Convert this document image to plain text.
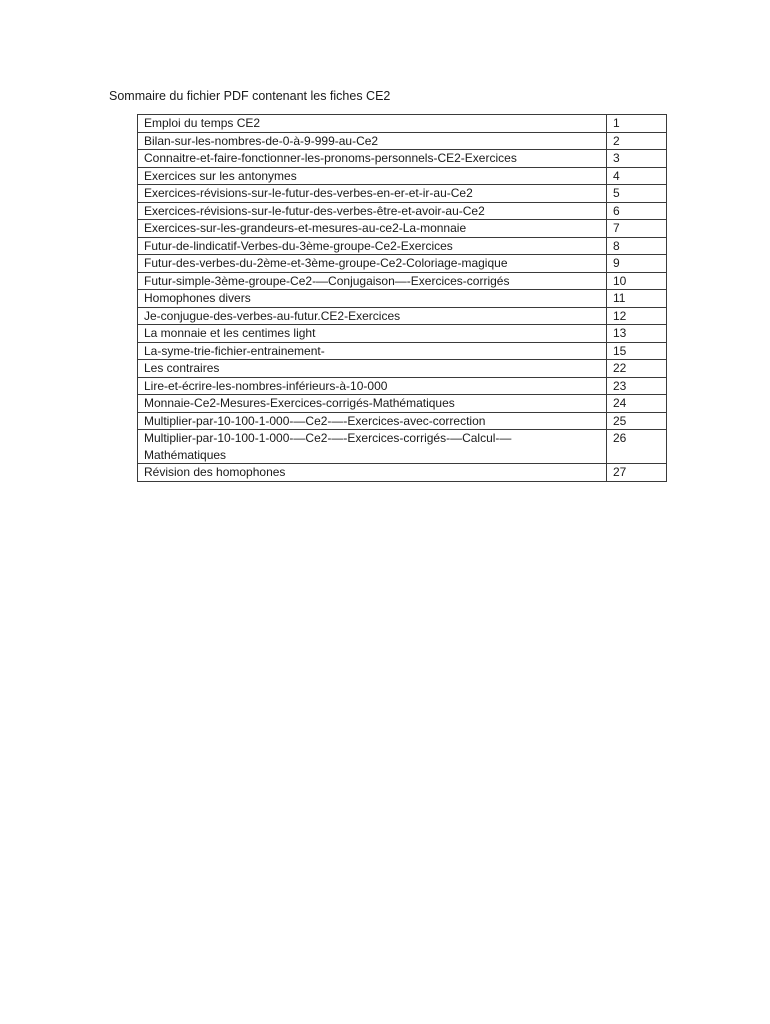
Sommaire du fichier PDF contenant les fiches CE2
Emploi du temps CE2	1
Bilan-sur-les-nombres-de-0-à-9-999-au-Ce2	2
Connaitre-et-faire-fonctionner-les-pronoms-personnels-CE2-Exercices	3
Exercices sur les antonymes	4
Exercices-révisions-sur-le-futur-des-verbes-en-er-et-ir-au-Ce2	5
Exercices-révisions-sur-le-futur-des-verbes-être-et-avoir-au-Ce2	6
Exercices-sur-les-grandeurs-et-mesures-au-ce2-La-monnaie	7
Futur-de-lindicatif-Verbes-du-3ème-groupe-Ce2-Exercices	8
Futur-des-verbes-du-2ème-et-3ème-groupe-Ce2-Coloriage-magique	9
Futur-simple-3ème-groupe-Ce2-—Conjugaison—-Exercices-corrigés	10
Homophones divers	11
Je-conjugue-des-verbes-au-futur.CE2-Exercices	12
La monnaie et les centimes light	13
La-syme-trie-fichier-entrainement-	15
Les contraires	22
Lire-et-écrire-les-nombres-inférieurs-à-10-000	23
Monnaie-Ce2-Mesures-Exercices-corrigés-Mathématiques	24
Multiplier-par-10-100-1-000-—Ce2-—-Exercices-avec-correction	25
Multiplier-par-10-100-1-000-—Ce2-—-Exercices-corrigés-—Calcul-—
Mathématiques	26
Révision des homophones	27
